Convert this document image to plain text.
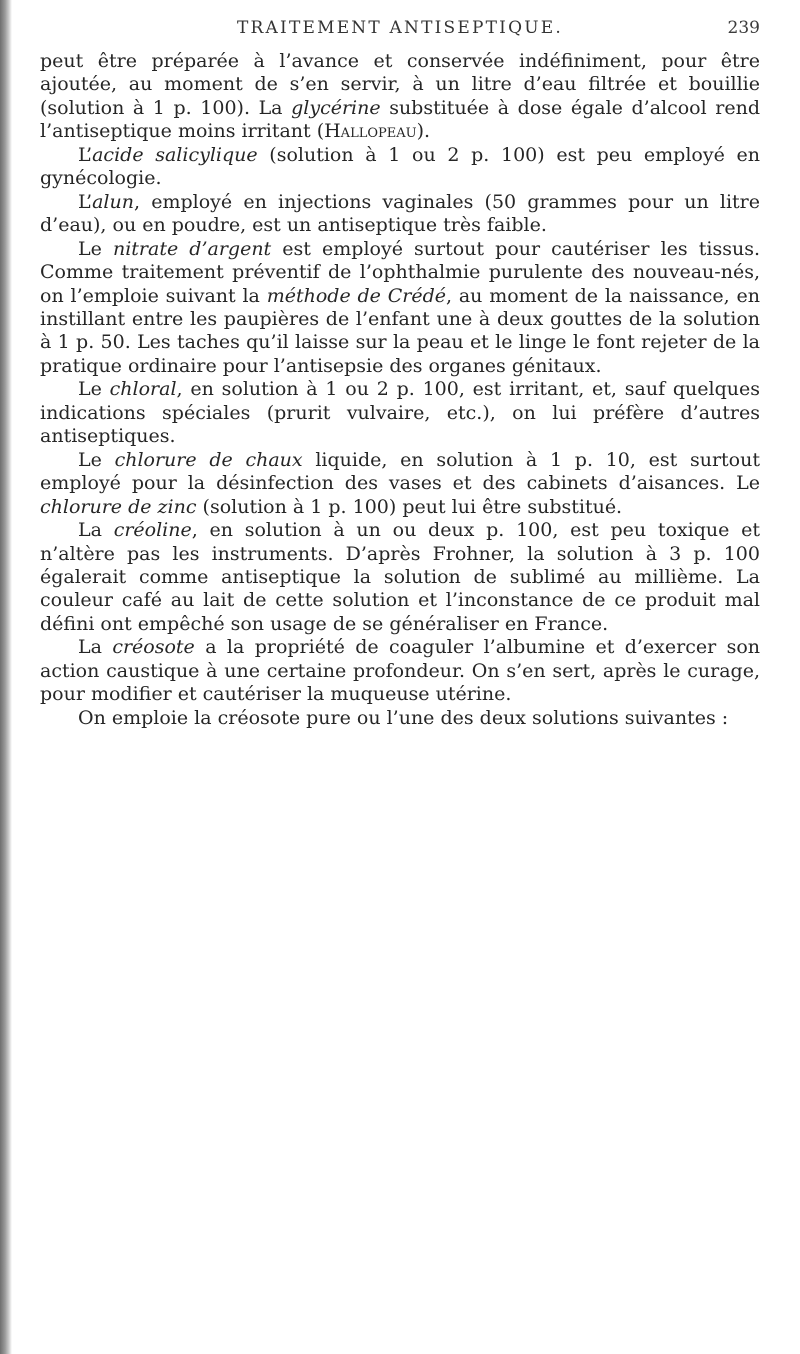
TRAITEMENT ANTISEPTIQUE.	239

peut être préparée à l’avance et conservée indéfiniment, pour être ajoutée, au moment de s’en servir, à un litre d’eau filtrée et bouillie (solution à 1 p. 100). La glycérine substituée à dose égale d’alcool rend l’antiseptique moins irritant (Hallopeau).

L’acide salicylique (solution à 1 ou 2 p. 100) est peu employé en gynécologie.

L’alun, employé en injections vaginales (50 grammes pour un litre d’eau), ou en poudre, est un antiseptique très faible.

Le nitrate d’argent est employé surtout pour cautériser les tissus. Comme traitement préventif de l’ophthalmie purulente des nouveau-nés, on l’emploie suivant la méthode de Crédé, au moment de la naissance, en instillant entre les paupières de l’enfant une à deux gouttes de la solution à 1 p. 50. Les taches qu’il laisse sur la peau et le linge le font rejeter de la pratique ordinaire pour l’antisepsie des organes génitaux.

Le chloral, en solution à 1 ou 2 p. 100, est irritant, et, sauf quelques indications spéciales (prurit vulvaire, etc.), on lui préfère d’autres antiseptiques.

Le chlorure de chaux liquide, en solution à 1 p. 10, est surtout employé pour la désinfection des vases et des cabinets d’aisances. Le chlorure de zinc (solution à 1 p. 100) peut lui être substitué.

La créoline, en solution à un ou deux p. 100, est peu toxique et n’altère pas les instruments. D’après Frohner, la solution à 3 p. 100 égalerait comme antiseptique la solution de sublimé au millième. La couleur café au lait de cette solution et l’inconstance de ce produit mal défini ont empêché son usage de se généraliser en France.

La créosote a la propriété de coaguler l’albumine et d’exercer son action caustique à une certaine profondeur. On s’en sert, après le curage, pour modifier et cautériser la muqueuse utérine.

On emploie la créosote pure ou l’une des deux solutions suivantes :
